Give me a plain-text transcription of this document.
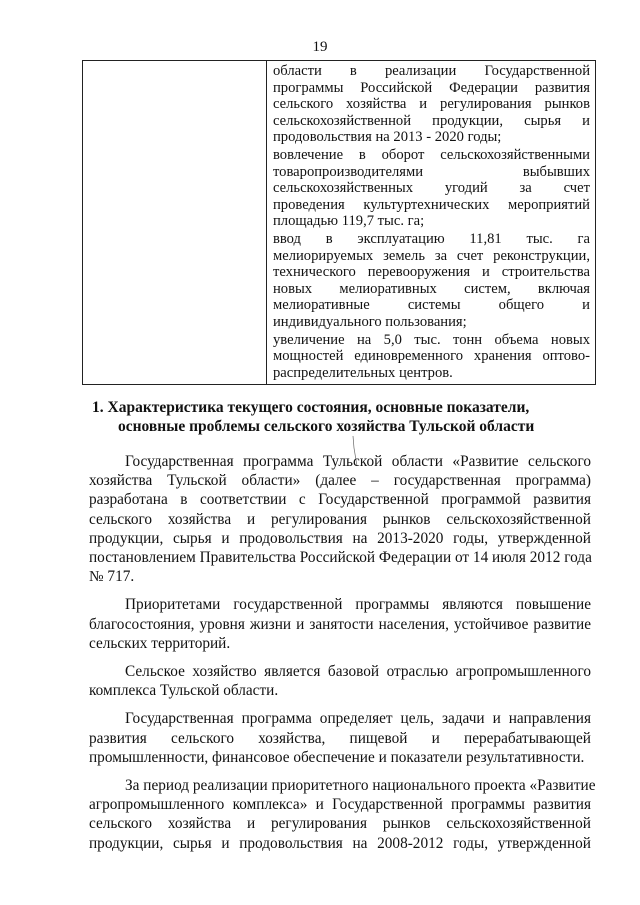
19

области в реализации Государственной
программы Российской Федерации развития
сельского хозяйства и регулирования рынков
сельскохозяйственной продукции, сырья и
продовольствия на 2013 - 2020 годы;
вовлечение в оборот сельскохозяйственными
товаропроизводителями выбывших
сельскохозяйственных угодий за счет
проведения культуртехнических мероприятий
площадью 119,7 тыс. га;
ввод в эксплуатацию 11,81 тыс. га
мелиорируемых земель за счет реконструкции,
технического перевооружения и строительства
новых мелиоративных систем, включая
мелиоративные системы общего и
индивидуального пользования;
увеличение на 5,0 тыс. тонн объема новых
мощностей единовременного хранения оптово-
распределительных центров.
1. Характеристика текущего состояния, основные показатели,
основные проблемы сельского хозяйства Тульской области

Государственная программа Тульской области «Развитие сельского
хозяйства Тульской области» (далее – государственная программа)
разработана в соответствии с Государственной программой развития
сельского хозяйства и регулирования рынков сельскохозяйственной
продукции, сырья и продовольствия на 2013-2020 годы, утвержденной
постановлением Правительства Российской Федерации от 14 июля 2012 года
№ 717.

Приоритетами государственной программы являются повышение
благосостояния, уровня жизни и занятости населения, устойчивое развитие
сельских территорий.

Сельское хозяйство является базовой отраслью агропромышленного
комплекса Тульской области.

Государственная программа определяет цель, задачи и направления
развития сельского хозяйства, пищевой и перерабатывающей
промышленности, финансовое обеспечение и показатели результативности.

За период реализации приоритетного национального проекта «Развитие
агропромышленного комплекса» и Государственной программы развития
сельского хозяйства и регулирования рынков сельскохозяйственной
продукции, сырья и продовольствия на 2008-2012 годы, утвержденной
